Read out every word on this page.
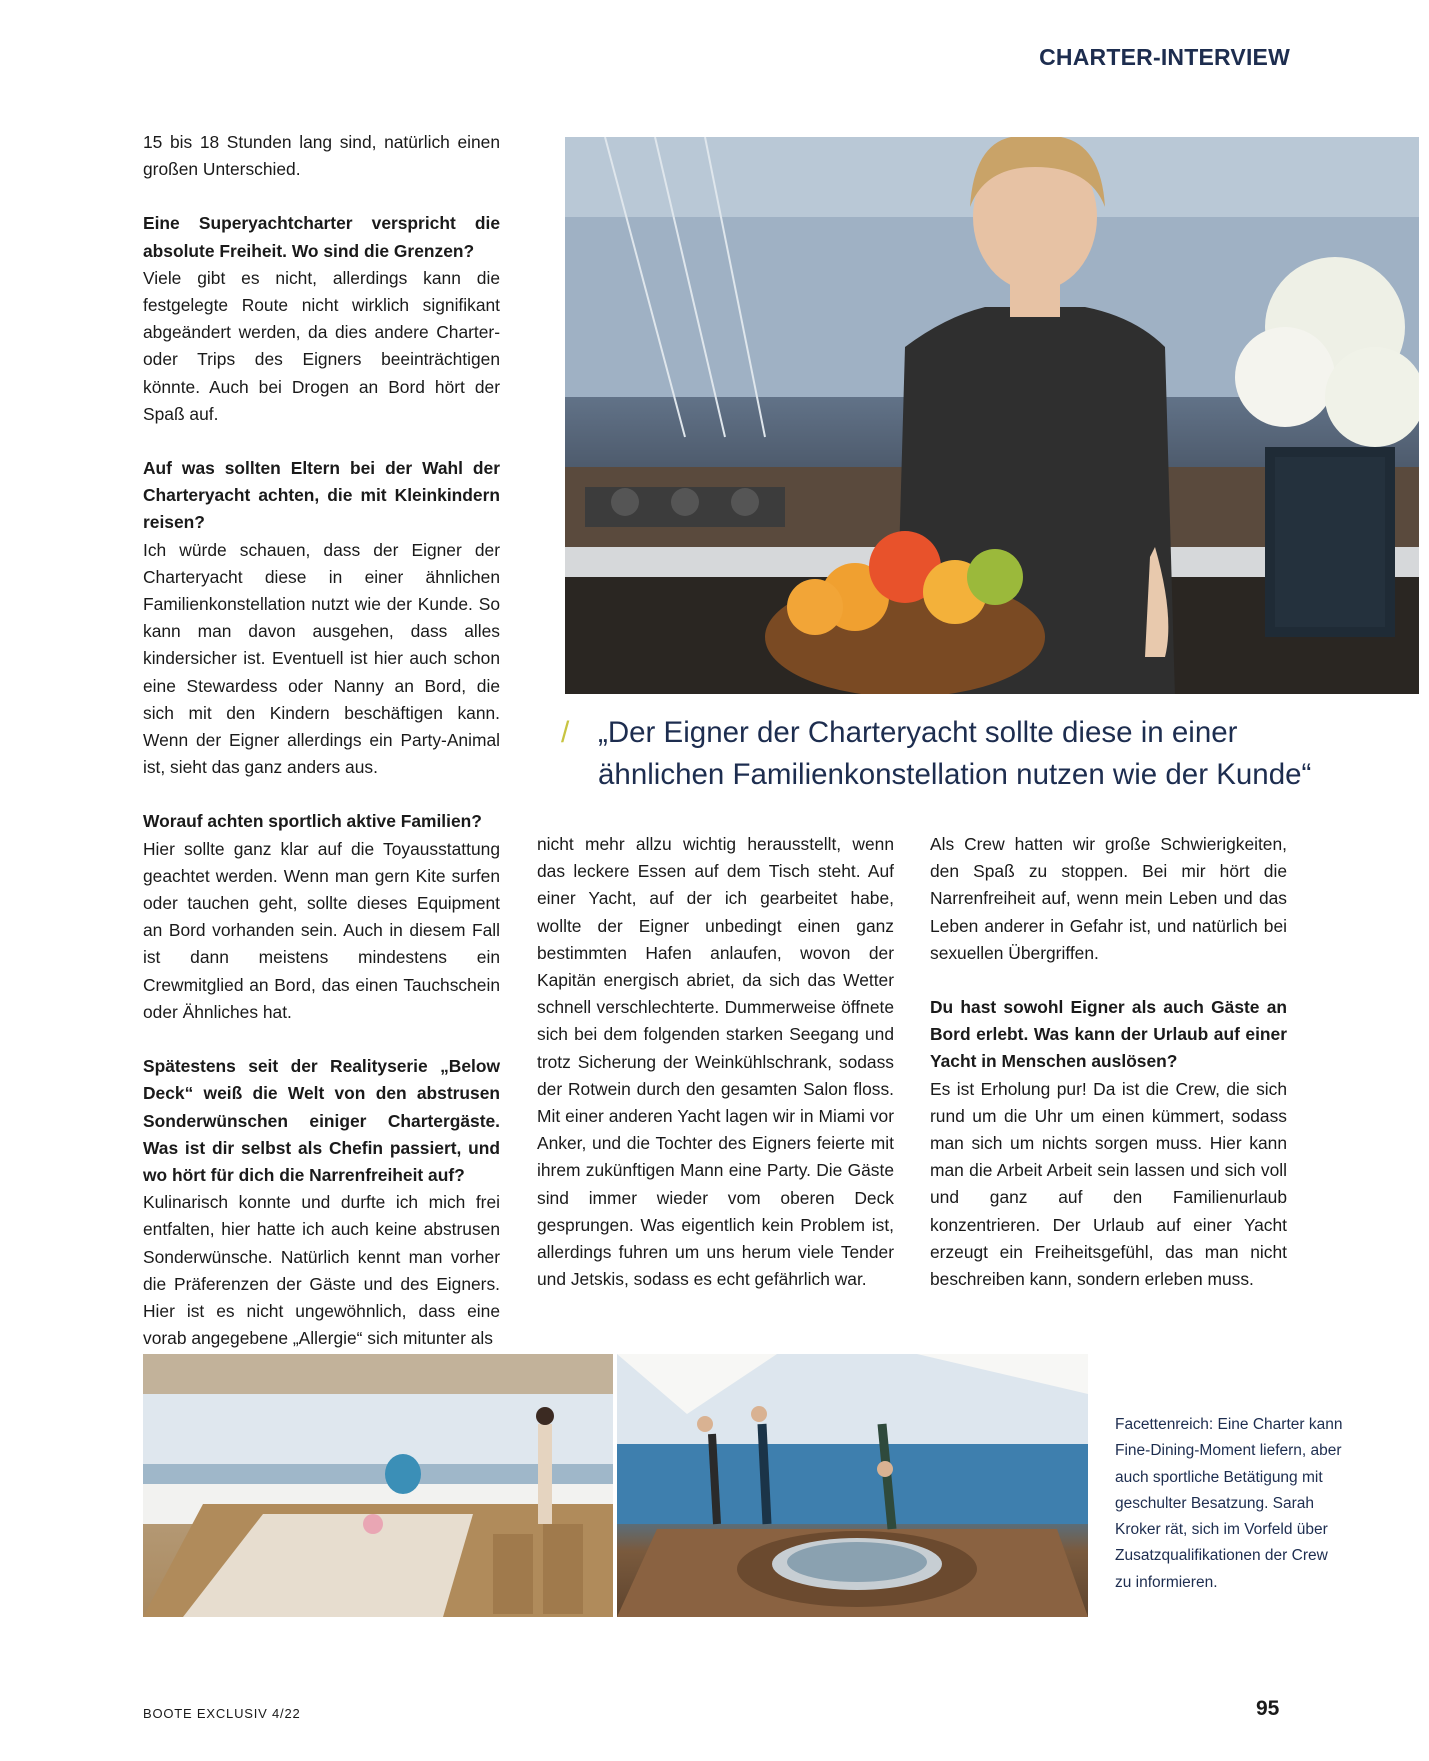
CHARTER-INTERVIEW

15 bis 18 Stunden lang sind, natürlich einen großen Unterschied.

Eine Superyachtcharter verspricht die absolute Freiheit. Wo sind die Grenzen?
Viele gibt es nicht, allerdings kann die festgelegte Route nicht wirklich signifikant abgeändert werden, da dies andere Charter- oder Trips des Eigners beeinträchtigen könnte. Auch bei Drogen an Bord hört der Spaß auf.

Auf was sollten Eltern bei der Wahl der Charteryacht achten, die mit Kleinkindern reisen?
Ich würde schauen, dass der Eigner der Charteryacht diese in einer ähnlichen Familienkonstellation nutzt wie der Kunde. So kann man davon ausgehen, dass alles kindersicher ist. Eventuell ist hier auch schon eine Stewardess oder Nanny an Bord, die sich mit den Kindern beschäftigen kann. Wenn der Eigner allerdings ein Party-Animal ist, sieht das ganz anders aus.

Worauf achten sportlich aktive Familien?
Hier sollte ganz klar auf die Toyausstattung geachtet werden. Wenn man gern Kite surfen oder tauchen geht, sollte dieses Equipment an Bord vorhanden sein. Auch in diesem Fall ist dann meistens mindestens ein Crewmitglied an Bord, das einen Tauchschein oder Ähnliches hat.

Spätestens seit der Realityserie „Below Deck“ weiß die Welt von den abstrusen Sonderwünschen einiger Chartergäste. Was ist dir selbst als Chefin passiert, und wo hört für dich die Narrenfreiheit auf?
Kulinarisch konnte und durfte ich mich frei entfalten, hier hatte ich auch keine abstrusen Sonderwünsche. Natürlich kennt man vorher die Präferenzen der Gäste und des Eigners. Hier ist es nicht ungewöhnlich, dass eine vorab angegebene „Allergie“ sich mitunter als

/ „Der Eigner der Charteryacht sollte diese in einer ähnlichen Familienkonstellation nutzen wie der Kunde“

nicht mehr allzu wichtig herausstellt, wenn das leckere Essen auf dem Tisch steht. Auf einer Yacht, auf der ich gearbeitet habe, wollte der Eigner unbedingt einen ganz bestimmten Hafen anlaufen, wovon der Kapitän energisch abriet, da sich das Wetter schnell verschlechterte. Dummerweise öffnete sich bei dem folgenden starken Seegang und trotz Sicherung der Weinkühlschrank, sodass der Rotwein durch den gesamten Salon floss. Mit einer anderen Yacht lagen wir in Miami vor Anker, und die Tochter des Eigners feierte mit ihrem zukünftigen Mann eine Party. Die Gäste sind immer wieder vom oberen Deck gesprungen. Was eigentlich kein Problem ist, allerdings fuhren um uns herum viele Tender und Jetskis, sodass es echt gefährlich war.

Als Crew hatten wir große Schwierigkeiten, den Spaß zu stoppen. Bei mir hört die Narrenfreiheit auf, wenn mein Leben und das Leben anderer in Gefahr ist, und natürlich bei sexuellen Übergriffen.

Du hast sowohl Eigner als auch Gäste an Bord erlebt. Was kann der Urlaub auf einer Yacht in Menschen auslösen?
Es ist Erholung pur! Da ist die Crew, die sich rund um die Uhr um einen kümmert, sodass man sich um nichts sorgen muss. Hier kann man die Arbeit Arbeit sein lassen und sich voll und ganz auf den Familienurlaub konzentrieren. Der Urlaub auf einer Yacht erzeugt ein Freiheitsgefühl, das man nicht beschreiben kann, sondern erleben muss.

Facettenreich: Eine Charter kann Fine-Dining-Moment liefern, aber auch sportliche Betätigung mit geschulter Besatzung. Sarah Kroker rät, sich im Vorfeld über Zusatzqualifikationen der Crew zu informieren.
BOOTE EXCLUSIV 4/22	95
